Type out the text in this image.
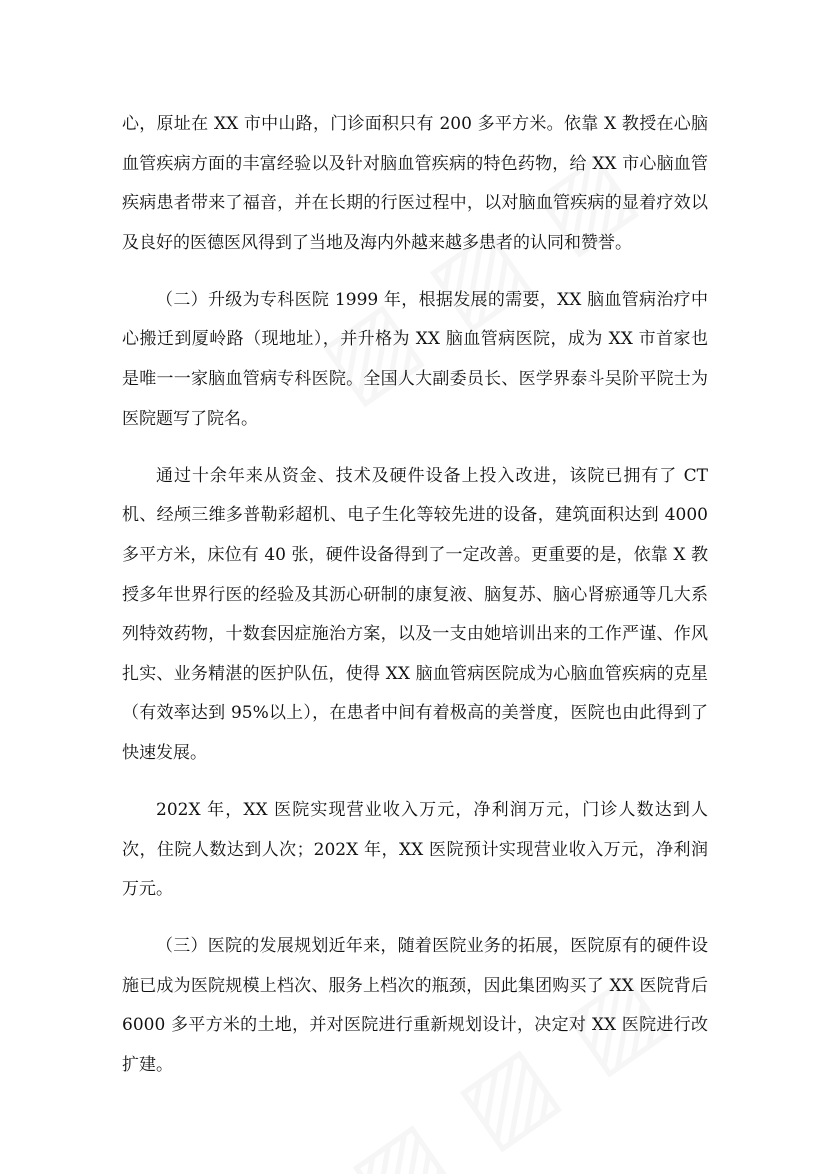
心，原址在 XX 市中山路，门诊面积只有 200 多平方米。依靠 X 教授在心脑血管疾病方面的丰富经验以及针对脑血管疾病的特色药物，给 XX 市心脑血管疾病患者带来了福音，并在长期的行医过程中，以对脑血管疾病的显着疗效以及良好的医德医风得到了当地及海内外越来越多患者的认同和赞誉。

（二）升级为专科医院 1999 年，根据发展的需要，XX 脑血管病治疗中心搬迁到厦岭路（现地址），并升格为 XX 脑血管病医院，成为 XX 市首家也是唯一一家脑血管病专科医院。全国人大副委员长、医学界泰斗吴阶平院士为医院题写了院名。

通过十余年来从资金、技术及硬件设备上投入改进，该院已拥有了 CT 机、经颅三维多普勒彩超机、电子生化等较先进的设备，建筑面积达到 4000 多平方米，床位有 40 张，硬件设备得到了一定改善。更重要的是，依靠 X 教授多年世界行医的经验及其沥心研制的康复液、脑复苏、脑心肾瘀通等几大系列特效药物，十数套因症施治方案，以及一支由她培训出来的工作严谨、作风扎实、业务精湛的医护队伍，使得 XX 脑血管病医院成为心脑血管疾病的克星（有效率达到 95%以上），在患者中间有着极高的美誉度，医院也由此得到了快速发展。

202X 年，XX 医院实现营业收入万元，净利润万元，门诊人数达到人次，住院人数达到人次；202X 年，XX 医院预计实现营业收入万元，净利润万元。

（三）医院的发展规划近年来，随着医院业务的拓展，医院原有的硬件设施已成为医院规模上档次、服务上档次的瓶颈，因此集团购买了 XX 医院背后 6000 多平方米的土地，并对医院进行重新规划设计，决定对 XX 医院进行改扩建。
